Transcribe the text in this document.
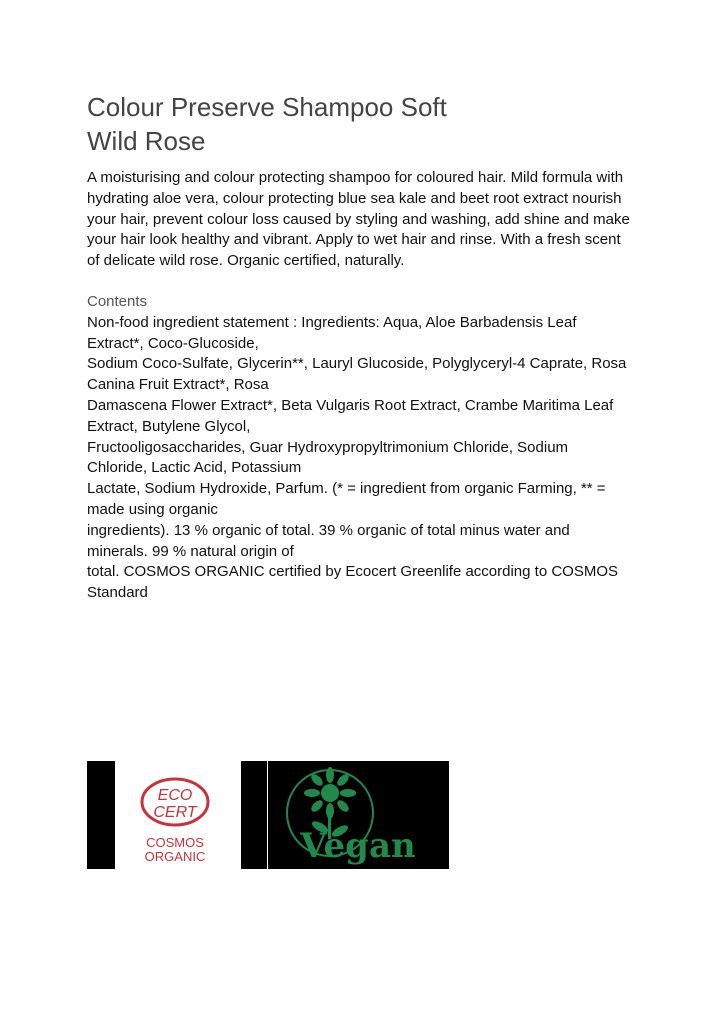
Colour Preserve Shampoo Soft
Wild Rose

A moisturising and colour protecting shampoo for coloured hair. Mild formula with hydrating aloe vera, colour protecting blue sea kale and beet root extract nourish your hair, prevent colour loss caused by styling and washing, add shine and make your hair look healthy and vibrant. Apply to wet hair and rinse. With a fresh scent of delicate wild rose. Organic certified, naturally.

Contents

Non-food ingredient statement : Ingredients: Aqua, Aloe Barbadensis Leaf Extract*, Coco-Glucoside,
Sodium Coco-Sulfate, Glycerin**, Lauryl Glucoside, Polyglyceryl-4 Caprate, Rosa Canina Fruit Extract*, Rosa
Damascena Flower Extract*, Beta Vulgaris Root Extract, Crambe Maritima Leaf Extract, Butylene Glycol,
Fructooligosaccharides, Guar Hydroxypropyltrimonium Chloride, Sodium Chloride, Lactic Acid, Potassium
Lactate, Sodium Hydroxide, Parfum. (* = ingredient from organic Farming, ** = made using organic
ingredients). 13 % organic of total. 39 % organic of total minus water and minerals. 99 % natural origin of
total. COSMOS ORGANIC certified by Ecocert Greenlife according to COSMOS Standard

ECO
CERT
COSMOS
ORGANIC	Vegan
